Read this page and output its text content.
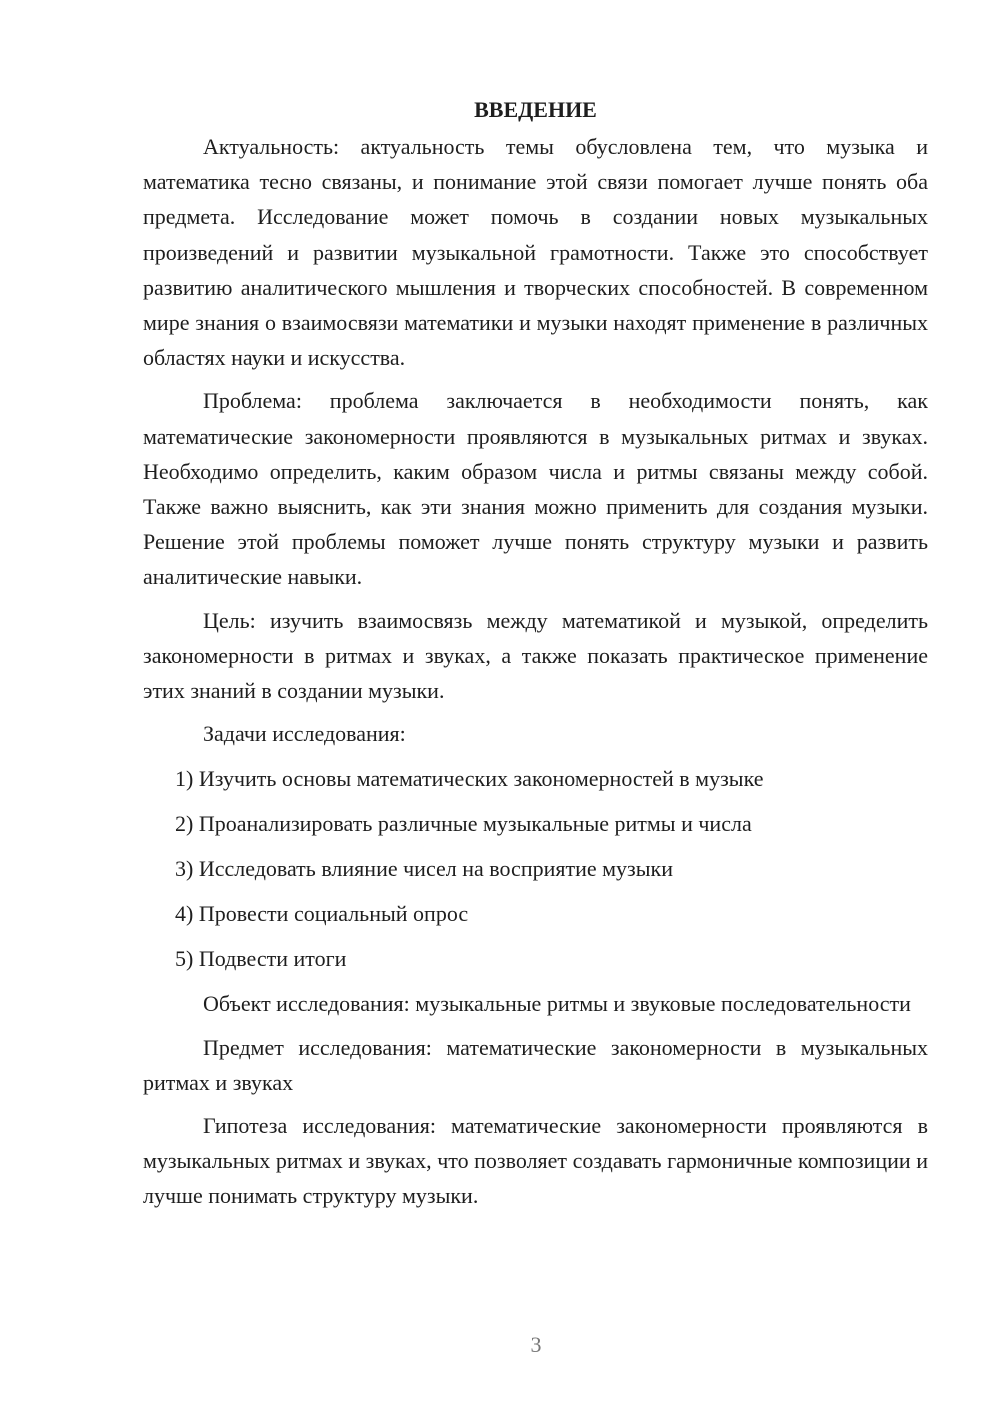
ВВЕДЕНИЕ

Актуальность: актуальность темы обусловлена тем, что музыка и математика тесно связаны, и понимание этой связи помогает лучше понять оба предмета. Исследование может помочь в создании новых музыкальных произведений и развитии музыкальной грамотности. Также это способствует развитию аналитического мышления и творческих способностей. В современном мире знания о взаимосвязи математики и музыки находят применение в различных областях науки и искусства.

Проблема: проблема заключается в необходимости понять, как математические закономерности проявляются в музыкальных ритмах и звуках. Необходимо определить, каким образом числа и ритмы связаны между собой. Также важно выяснить, как эти знания можно применить для создания музыки. Решение этой проблемы поможет лучше понять структуру музыки и развить аналитические навыки.

Цель: изучить взаимосвязь между математикой и музыкой, определить закономерности в ритмах и звуках, а также показать практическое применение этих знаний в создании музыки.

Задачи исследования:
1) Изучить основы математических закономерностей в музыке
2) Проанализировать различные музыкальные ритмы и числа
3) Исследовать влияние чисел на восприятие музыки
4) Провести социальный опрос
5) Подвести итоги

Объект исследования: музыкальные ритмы и звуковые последовательности

Предмет исследования: математические закономерности в музыкальных ритмах и звуках

Гипотеза исследования: математические закономерности проявляются в музыкальных ритмах и звуках, что позволяет создавать гармоничные композиции и лучше понимать структуру музыки.

3
